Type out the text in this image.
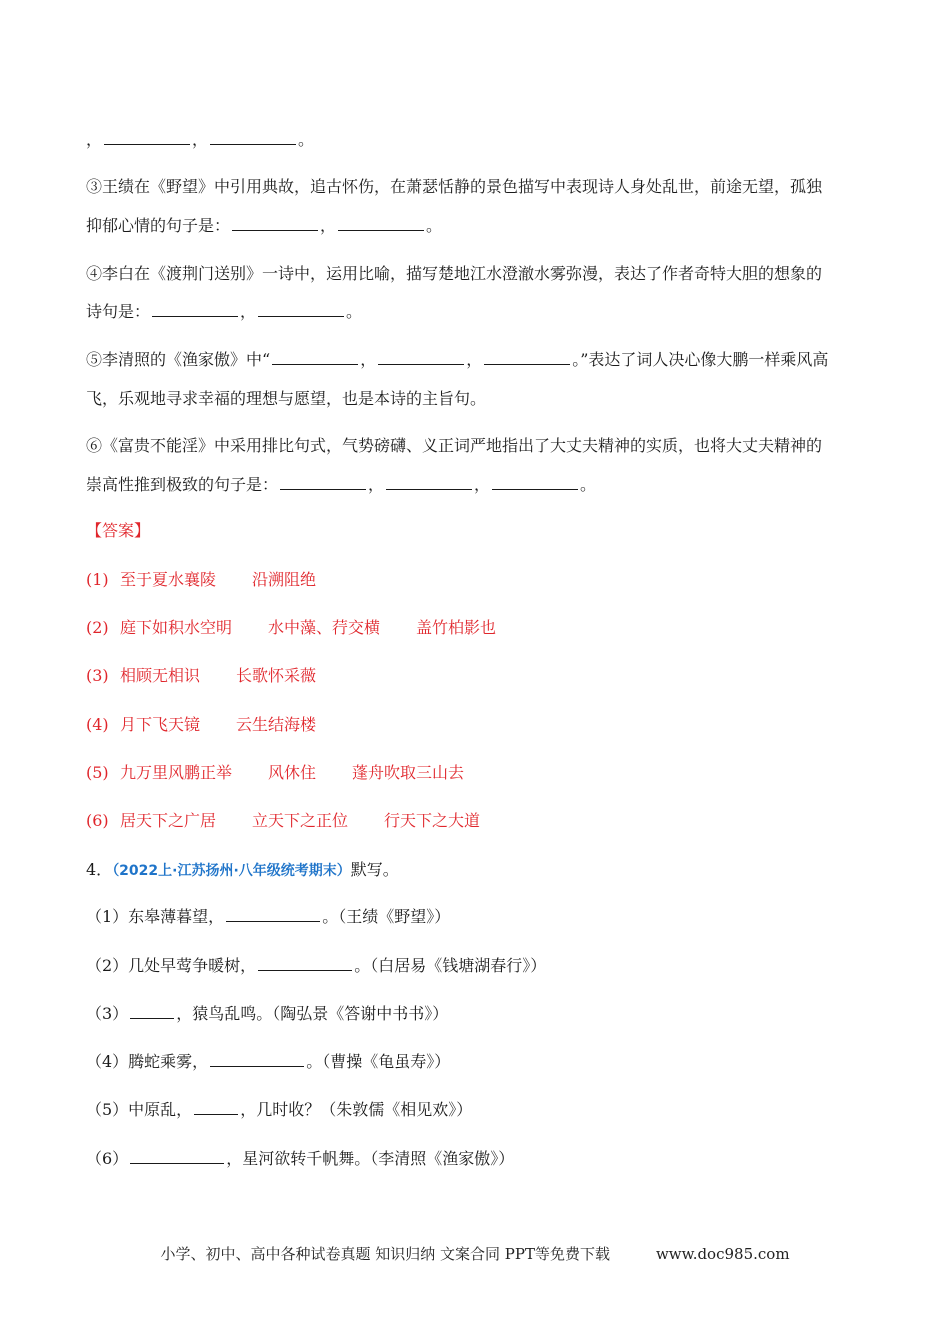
，	，	。
③王绩在《野望》中引用典故，追古怀伤，在萧瑟恬静的景色描写中表现诗人身处乱世，前途无望，孤独
抑郁心情的句子是：	，	。
④李白在《渡荆门送别》一诗中，运用比喻，描写楚地江水澄澈水雾弥漫，表达了作者奇特大胆的想象的
诗句是：	，	。
⑤李清照的《渔家傲》中“	，	，	。”表达了词人决心像大鹏一样乘风高
飞，乐观地寻求幸福的理想与愿望，也是本诗的主旨句。
⑥《富贵不能淫》中采用排比句式，气势磅礴、义正词严地指出了大丈夫精神的实质，也将大丈夫精神的
崇高性推到极致的句子是：	，	，	。
【答案】
(1) 至于夏水襄陵 沿溯阻绝
(2) 庭下如积水空明 水中藻、荇交横 盖竹柏影也
(3) 相顾无相识 长歌怀采薇
(4) 月下飞天镜 云生结海楼
(5) 九万里风鹏正举 风休住 蓬舟吹取三山去
(6) 居天下之广居 立天下之正位 行天下之大道
4．（2022上·江苏扬州·八年级统考期末）默写。
（1）东皋薄暮望，	。（王绩《野望》）
（2）几处早莺争暖树，	。（白居易《钱塘湖春行》）
（3）	，猿鸟乱鸣。（陶弘景《答谢中书书》）
（4）腾蛇乘雾，	。（曹操《龟虽寿》）
（5）中原乱，	，几时收？（朱敦儒《相见欢》）
（6）	，星河欲转千帆舞。（李清照《渔家傲》）
小学、初中、高中各种试卷真题 知识归纳 文案合同 PPT等免费下载	www.doc985.com
